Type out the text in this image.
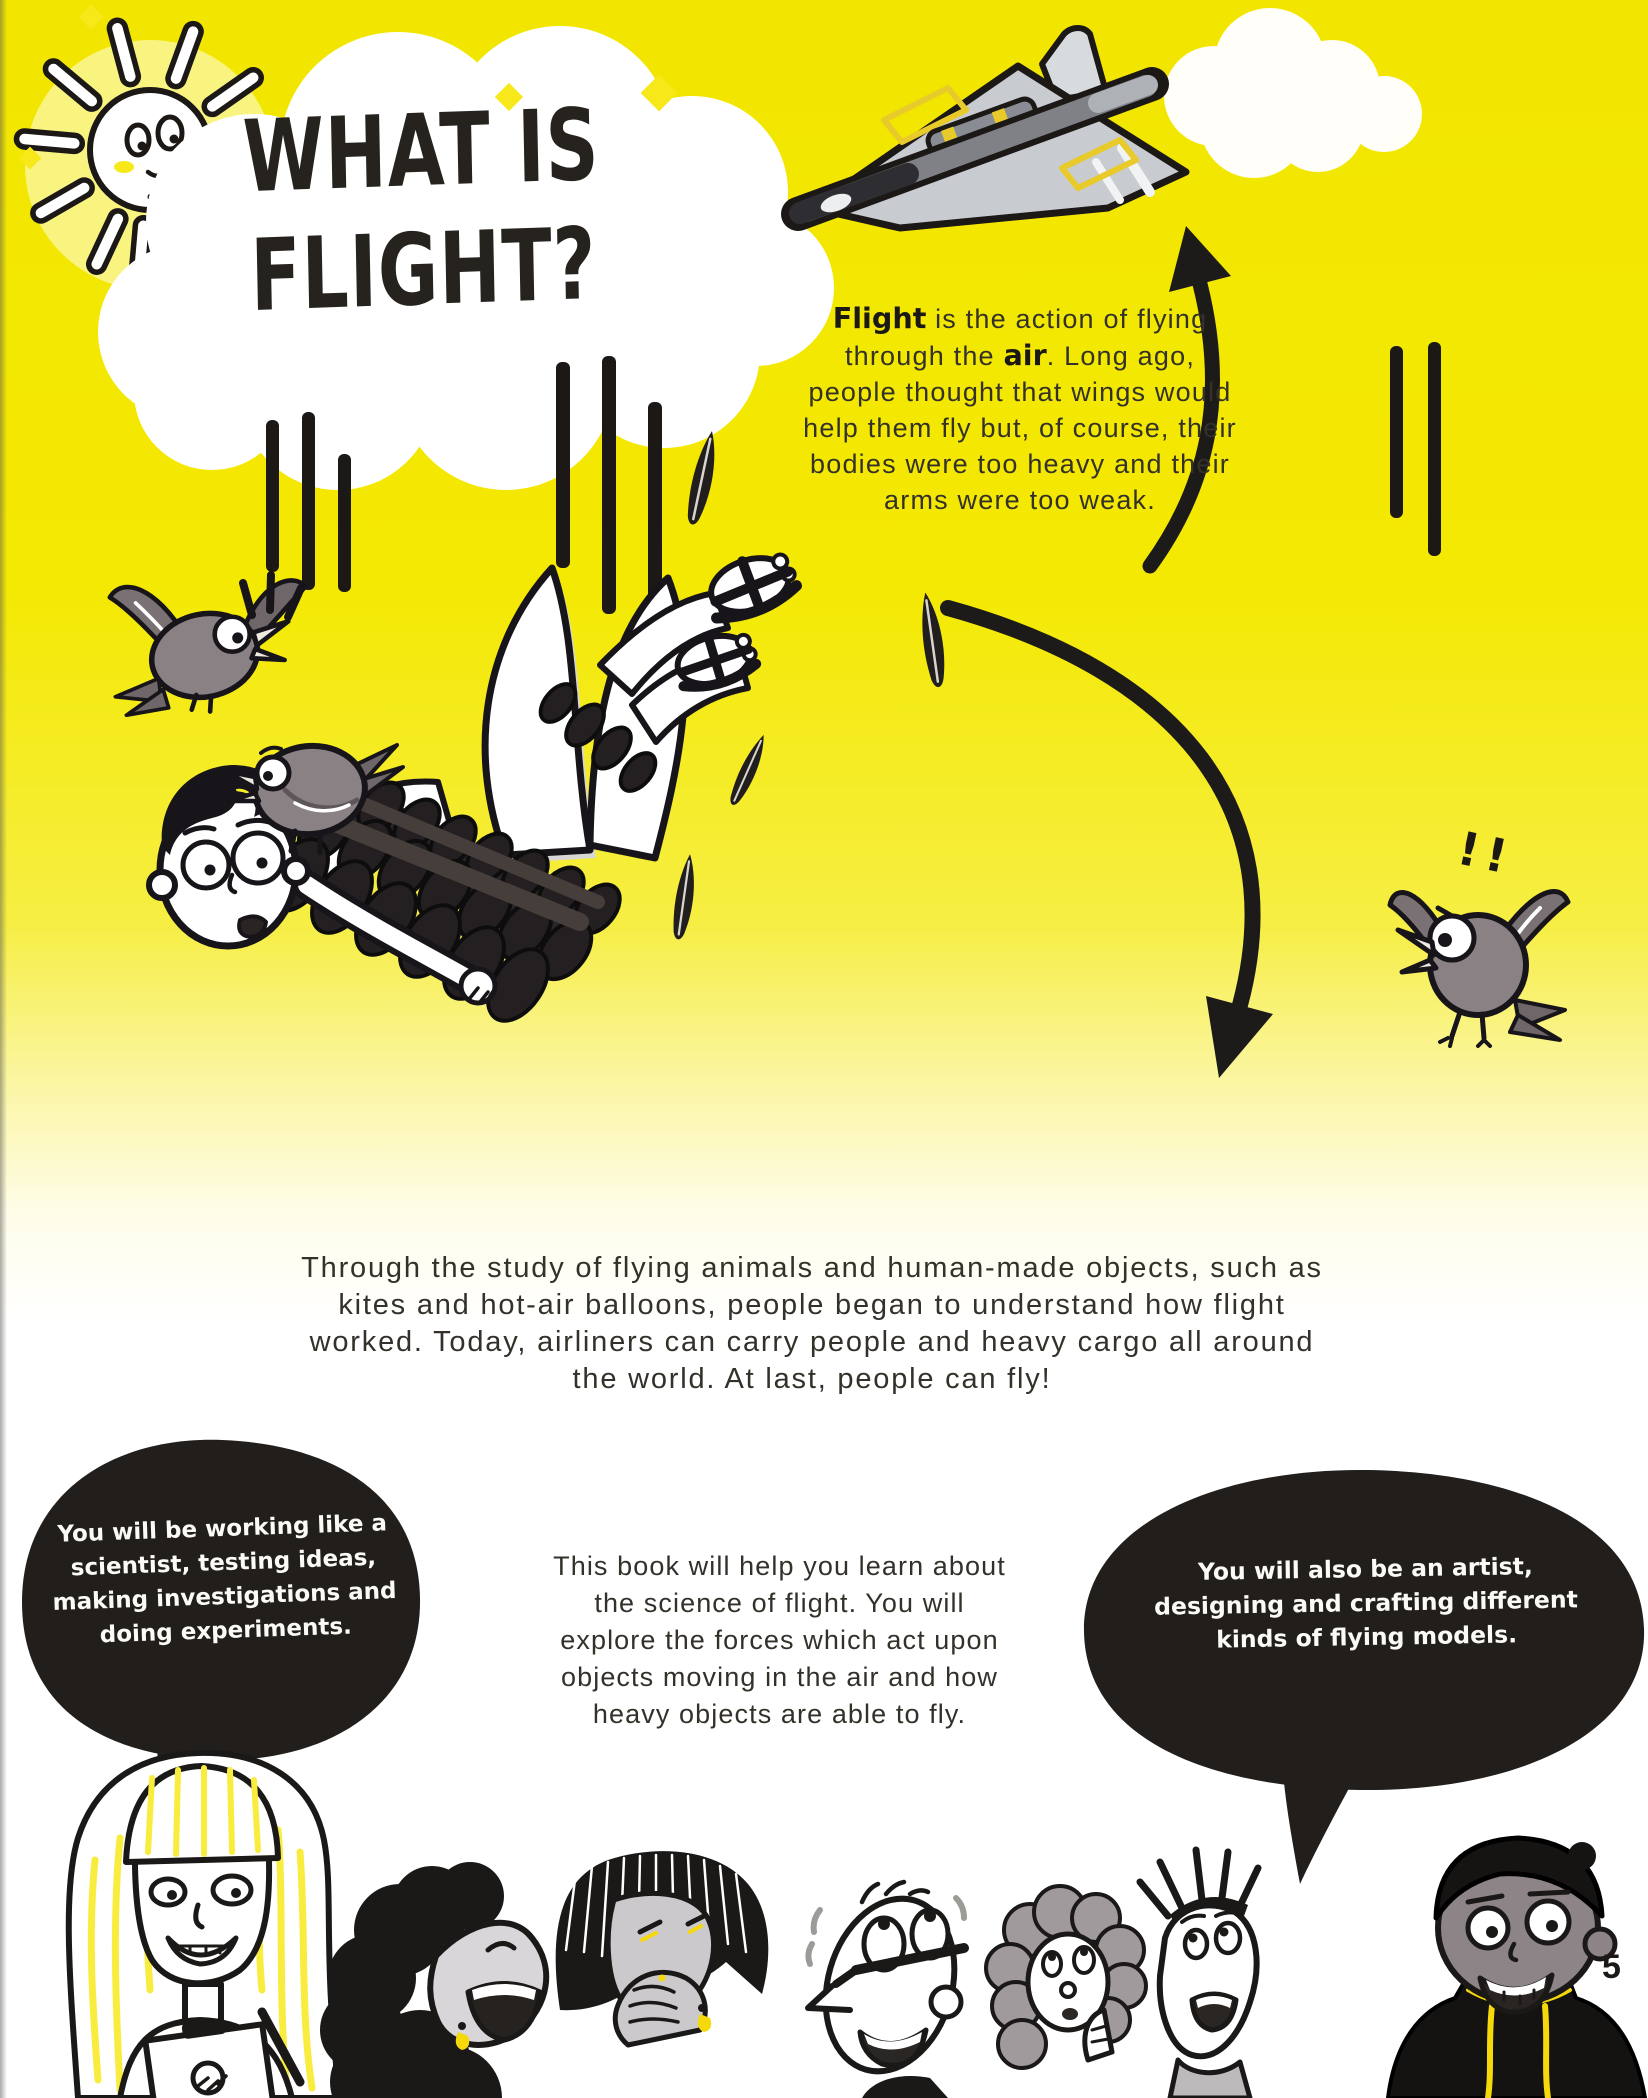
WHAT IS FLIGHT?	Flight is the action of flying through the air. Long ago, people thought that wings would help them fly but, of course, their bodies were too heavy and their arms were too weak.

Through the study of flying animals and human-made objects, such as kites and hot-air balloons, people began to understand how flight worked. Today, airliners can carry people and heavy cargo all around the world. At last, people can fly!

You will be working like a scientist, testing ideas, making investigations and doing experiments.

This book will help you learn about the science of flight. You will explore the forces which act upon objects moving in the air and how heavy objects are able to fly.

You will also be an artist, designing and crafting different kinds of flying models.
!!
5
